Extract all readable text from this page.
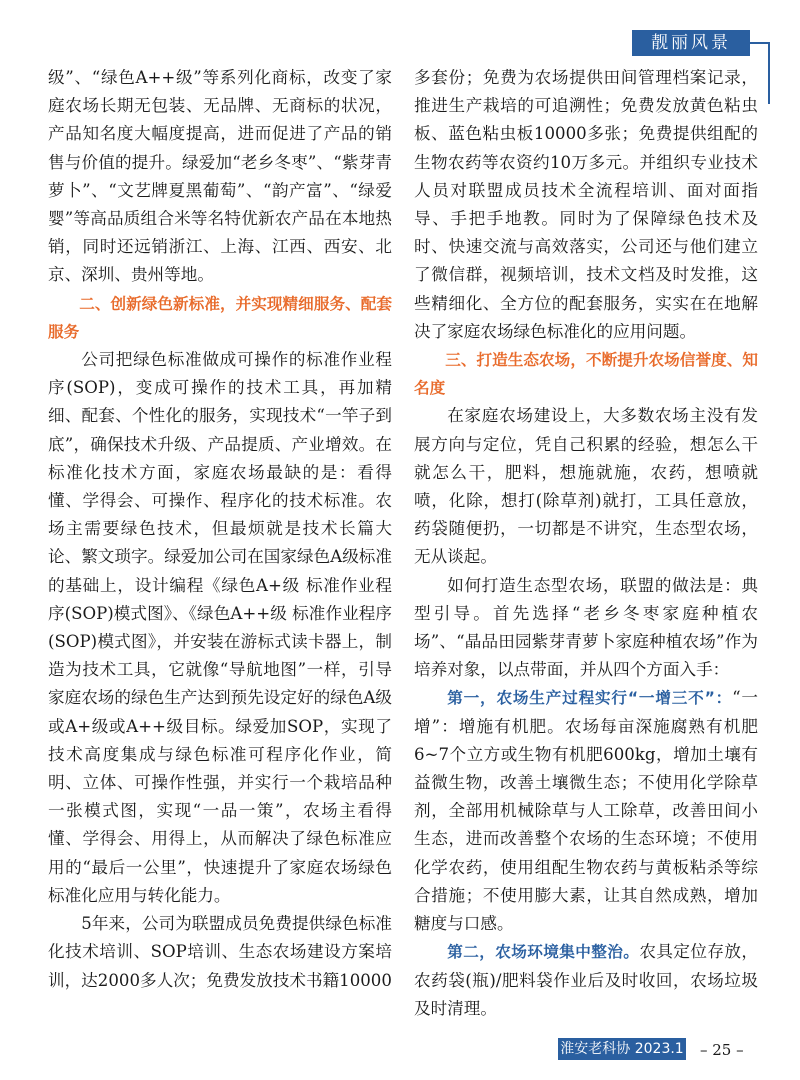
靓丽风景

级”、“绿色A++级”等系列化商标，改变了家庭农场长期无包装、无品牌、无商标的状况，产品知名度大幅度提高，进而促进了产品的销售与价值的提升。绿爱加“老乡冬枣”、“紫芽青萝卜”、“文艺牌夏黑葡萄”、“韵产富”、“绿爱婴”等高品质组合米等名特优新农产品在本地热销，同时还远销浙江、上海、江西、西安、北京、深圳、贵州等地。

二、创新绿色新标准，并实现精细服务、配套服务

公司把绿色标准做成可操作的标准作业程序(SOP)，变成可操作的技术工具，再加精细、配套、个性化的服务，实现技术“一竿子到底”，确保技术升级、产品提质、产业增效。在标准化技术方面，家庭农场最缺的是：看得懂、学得会、可操作、程序化的技术标准。农场主需要绿色技术，但最烦就是技术长篇大论、繁文琐字。绿爱加公司在国家绿色A级标准的基础上，设计编程《绿色A+级 标准作业程序(SOP)模式图》、《绿色A++级 标准作业程序(SOP)模式图》，并安装在游标式读卡器上，制造为技术工具，它就像“导航地图”一样，引导家庭农场的绿色生产达到预先设定好的绿色A级或A+级或A++级目标。绿爱加SOP，实现了技术高度集成与绿色标准可程序化作业，简明、立体、可操作性强，并实行一个栽培品种一张模式图，实现“一品一策”，农场主看得懂、学得会、用得上，从而解决了绿色标准应用的“最后一公里”，快速提升了家庭农场绿色标准化应用与转化能力。

5年来，公司为联盟成员免费提供绿色标准化技术培训、SOP培训、生态农场建设方案培训，达2000多人次；免费发放技术书籍10000

多套份；免费为农场提供田间管理档案记录，推进生产栽培的可追溯性；免费发放黄色粘虫板、蓝色粘虫板10000多张；免费提供组配的生物农药等农资约10万多元。并组织专业技术人员对联盟成员技术全流程培训、面对面指导、手把手地教。同时为了保障绿色技术及时、快速交流与高效落实，公司还与他们建立了微信群，视频培训，技术文档及时发推，这些精细化、全方位的配套服务，实实在在地解决了家庭农场绿色标准化的应用问题。

三、打造生态农场，不断提升农场信誉度、知名度

在家庭农场建设上，大多数农场主没有发展方向与定位，凭自己积累的经验，想怎么干就怎么干，肥料，想施就施，农药，想喷就喷，化除，想打(除草剂)就打，工具任意放，药袋随便扔，一切都是不讲究，生态型农场，无从谈起。

如何打造生态型农场，联盟的做法是：典型引导。首先选择“老乡冬枣家庭种植农场”、“晶品田园紫芽青萝卜家庭种植农场”作为培养对象，以点带面，并从四个方面入手：

第一，农场生产过程实行“一增三不”：“一增”：增施有机肥。农场每亩深施腐熟有机肥6~7个立方或生物有机肥600kg，增加土壤有益微生物，改善土壤微生态；不使用化学除草剂，全部用机械除草与人工除草，改善田间小生态，进而改善整个农场的生态环境；不使用化学农药，使用组配生物农药与黄板粘杀等综合措施；不使用膨大素，让其自然成熟，增加糖度与口感。

第二，农场环境集中整治。农具定位存放，农药袋(瓶)/肥料袋作业后及时收回，农场垃圾及时清理。

淮安老科协 2023.1 – 25 –
